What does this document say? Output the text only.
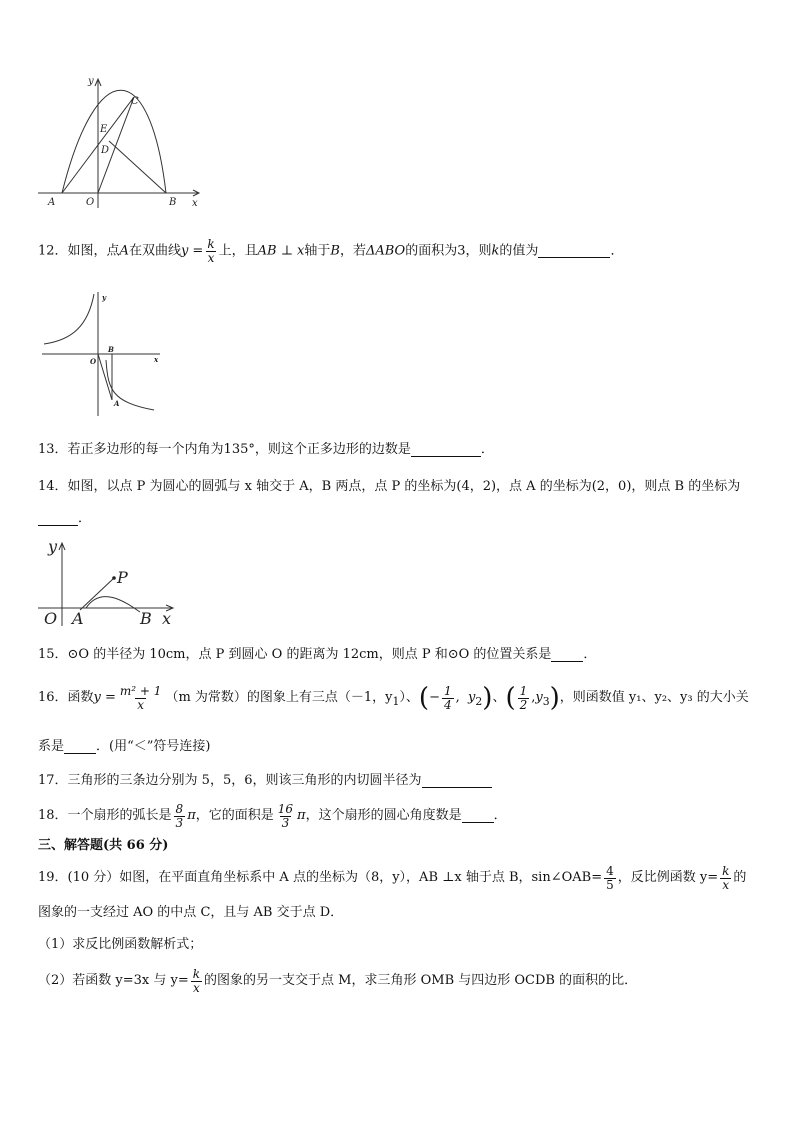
y
x
A	O	B
C
E
D
12．如图，点A在双曲线$y = \frac{k}{x}$ 上，且AB ⊥ x轴于B，若ΔABO的面积为3，则k的值为	．
y
x
O
B
A
13．若正多边形的每一个内角为135°，则这个正多边形的边数是	．
14．如图，以点 P 为圆心的圆弧与 x 轴交于 A，B 两点，点 P 的坐标为(4，2)，点 A 的坐标为(2，0)，则点 B 的坐标为
．
y
x
O A	B
P
15．⊙O 的半径为 10cm，点 P 到圆心 O 的距离为 12cm，则点 P 和⊙O 的位置关系是 ．
16．函数$y = \frac{\text{m² + 1}}{x} (m$ 为常数）的图象上有三点（－1，$y_1$）、(− $\frac{1}{4}$ ,  $y_2$)、( $\frac{1}{2} ,y_3$)，则函数值 y₁、y₂、y₃ 的大小关
系是 ．(用“＜”符号连接)
17．三角形的三条边分别为 5，5，6，则该三角形的内切圆半径为
18．一个扇形的弧长是 $\frac{8}{3}$ π，它的面积是 $\frac{16}{3}$ π，这个扇形的圆心角度数是 ．
三、解答题(共 66 分)
19．(10 分）如图，在平面直角坐标系中 A 点的坐标为（8，y），AB ⊥x 轴于点 B，sin∠OAB= $\frac{4}{5}$ ，反比例函数 $y= \frac{k}{x}$ 的
图象的一支经过 AO 的中点 C，且与 AB 交于点 D．
（1）求反比例函数解析式；
（2）若函数 y=3x 与 $y= \frac{k}{x}$ 的图象的另一支交于点 M，求三角形 OMB 与四边形 OCDB 的面积的比．
